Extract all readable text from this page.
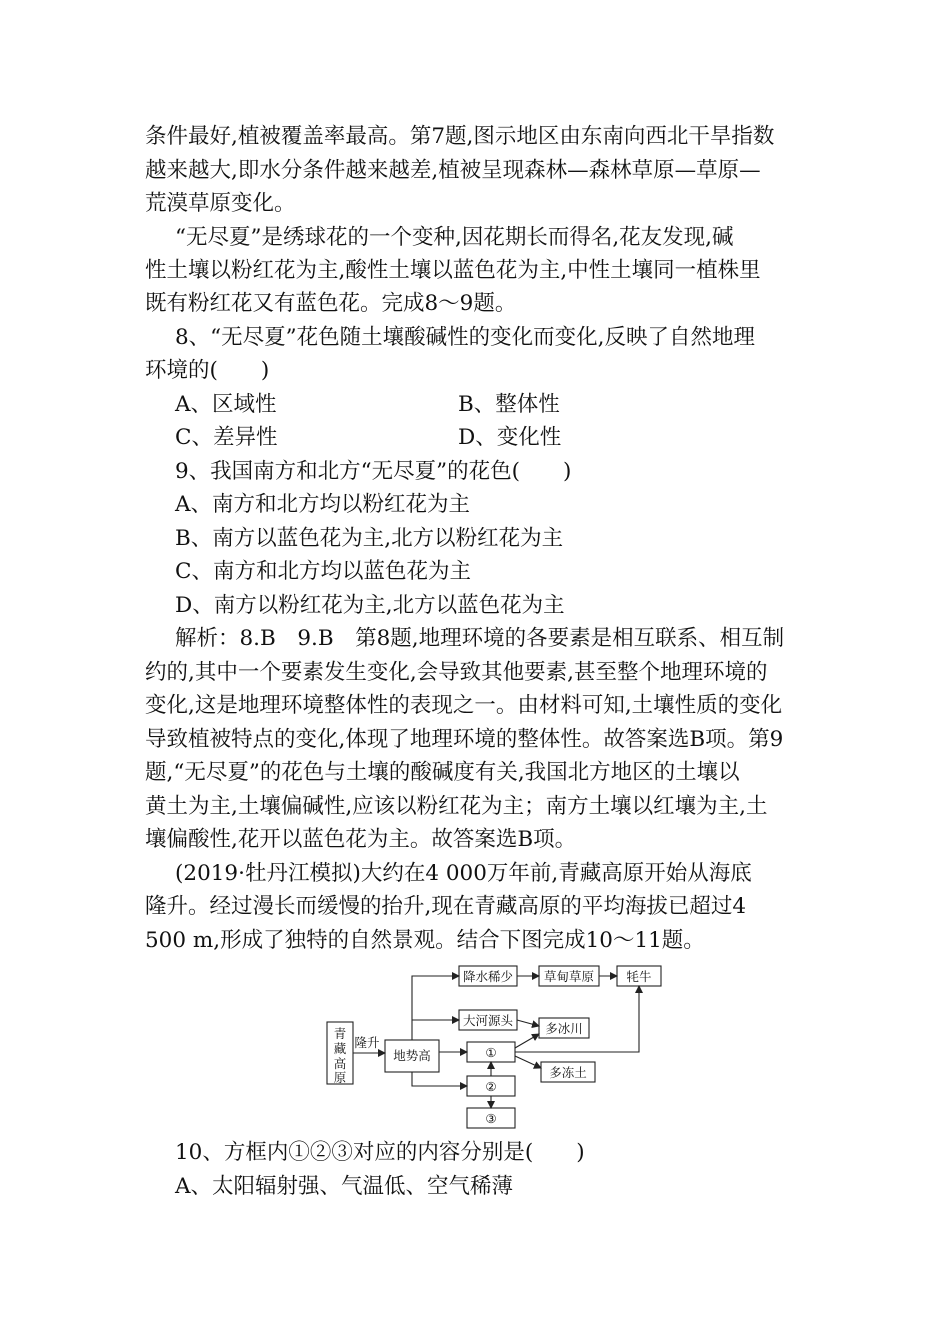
条件最好,植被覆盖率最高。第7题,图示地区由东南向西北干旱指数
越来越大,即水分条件越来越差,植被呈现森林—森林草原—草原—
荒漠草原变化。
“无尽夏”是绣球花的一个变种,因花期长而得名,花友发现,碱
性土壤以粉红花为主,酸性土壤以蓝色花为主,中性土壤同一植株里
既有粉红花又有蓝色花。完成8～9题。
8、“无尽夏”花色随土壤酸碱性的变化而变化,反映了自然地理
环境的(　　)
A、区域性	B、整体性
C、差异性	D、变化性
9、我国南方和北方“无尽夏”的花色(　　)
A、南方和北方均以粉红花为主
B、南方以蓝色花为主,北方以粉红花为主
C、南方和北方均以蓝色花为主
D、南方以粉红花为主,北方以蓝色花为主
解析：8.B　9.B　第8题,地理环境的各要素是相互联系、相互制
约的,其中一个要素发生变化,会导致其他要素,甚至整个地理环境的
变化,这是地理环境整体性的表现之一。由材料可知,土壤性质的变化
导致植被特点的变化,体现了地理环境的整体性。故答案选B项。第9
题,“无尽夏”的花色与土壤的酸碱度有关,我国北方地区的土壤以
黄土为主,土壤偏碱性,应该以粉红花为主；南方土壤以红壤为主,土
壤偏酸性,花开以蓝色花为主。故答案选B项。
(2019·牡丹江模拟)大约在4 000万年前,青藏高原开始从海底
隆升。经过漫长而缓慢的抬升,现在青藏高原的平均海拔已超过4
500 m,形成了独特的自然景观。结合下图完成10～11题。
青
藏
高
原
隆升
地势高
降水稀少 草甸草原	牦牛
大河源头
多冰川
①
②
③
多冻土
10、方框内①②③对应的内容分别是(　　)
A、太阳辐射强、气温低、空气稀薄
